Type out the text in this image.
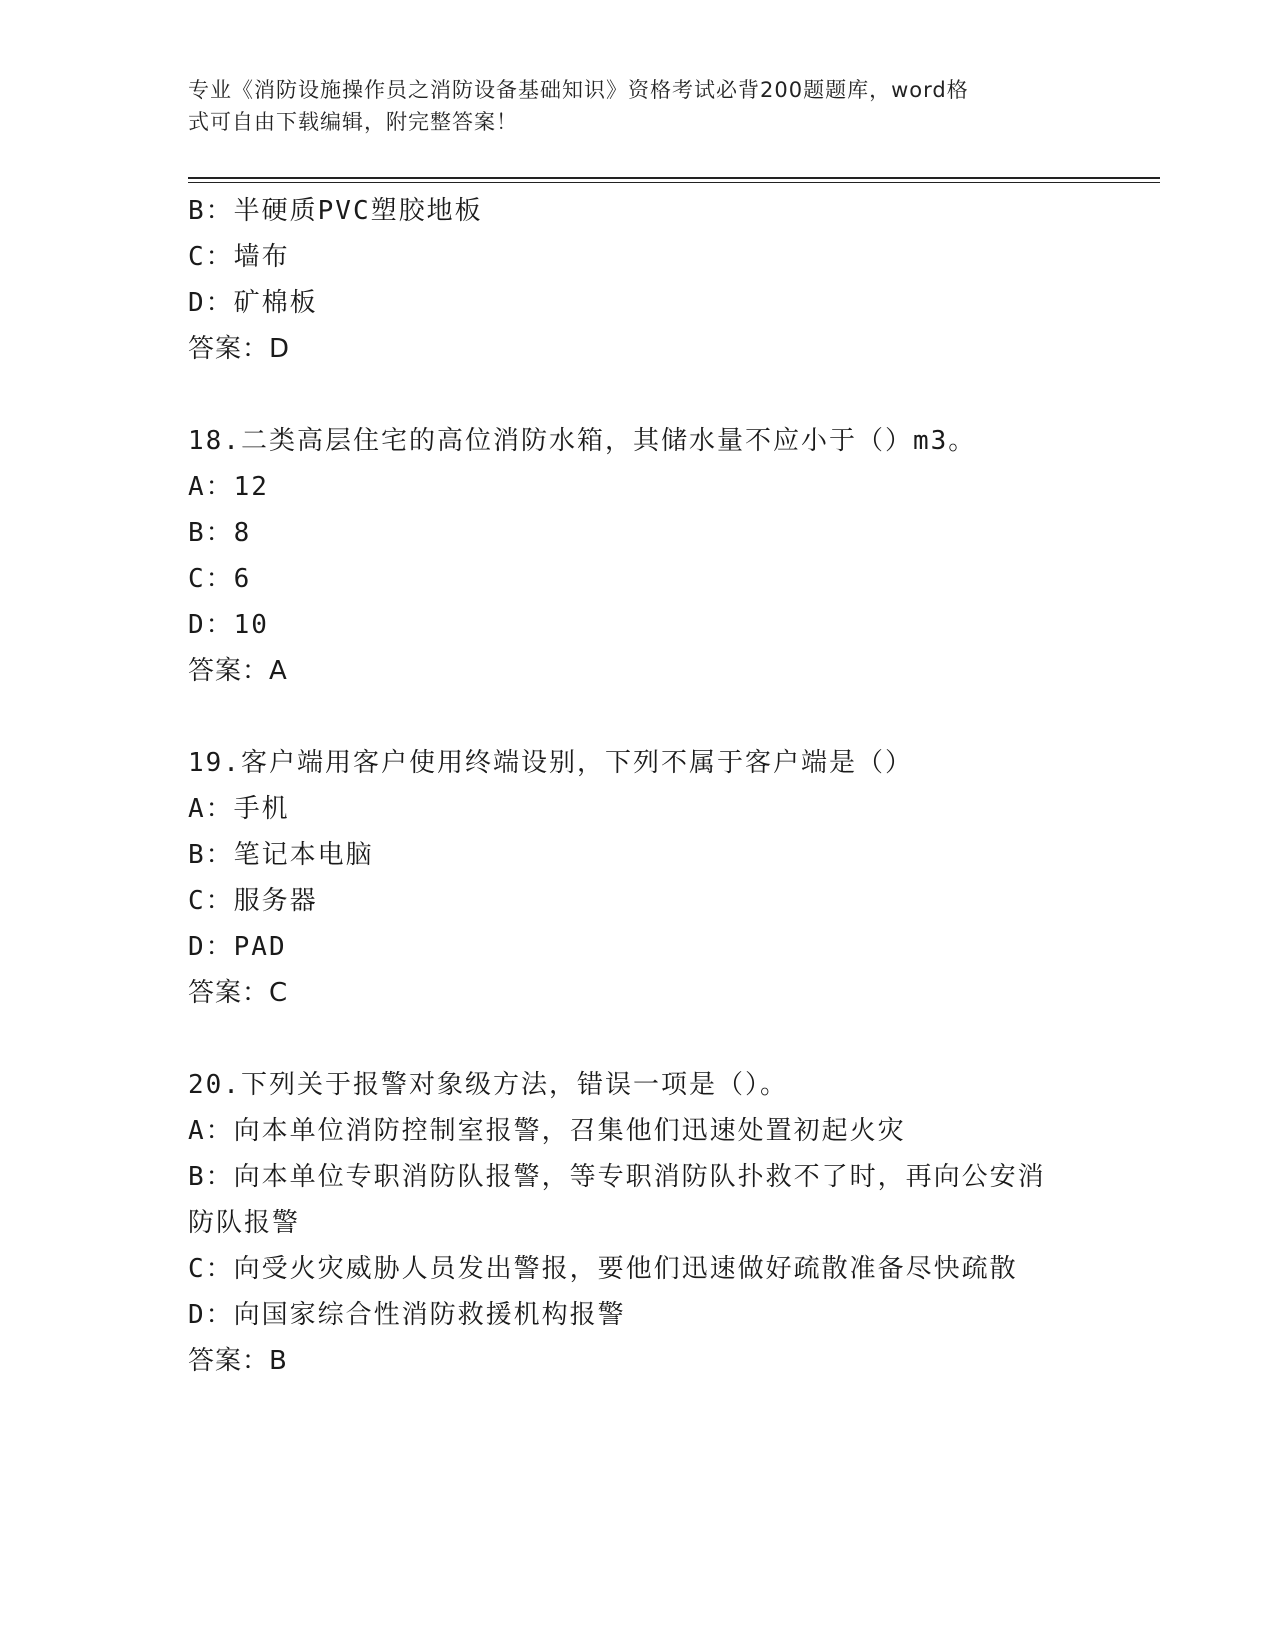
专业《消防设施操作员之消防设备基础知识》资格考试必背200题题库，word格
式可自由下载编辑，附完整答案！
B：半硬质PVC塑胶地板
C：墙布
D：矿棉板
答案：D
18.二类高层住宅的高位消防水箱，其储水量不应小于（）m3。
A：12
B：8
C：6
D：10
答案：A
19.客户端用客户使用终端设别，下列不属于客户端是（）
A：手机
B：笔记本电脑
C：服务器
D：PAD
答案：C
20.下列关于报警对象级方法，错误一项是（）。
A：向本单位消防控制室报警，召集他们迅速处置初起火灾
B：向本单位专职消防队报警，等专职消防队扑救不了时，再向公安消
防队报警
C：向受火灾威胁人员发出警报，要他们迅速做好疏散准备尽快疏散
D：向国家综合性消防救援机构报警
答案：B
